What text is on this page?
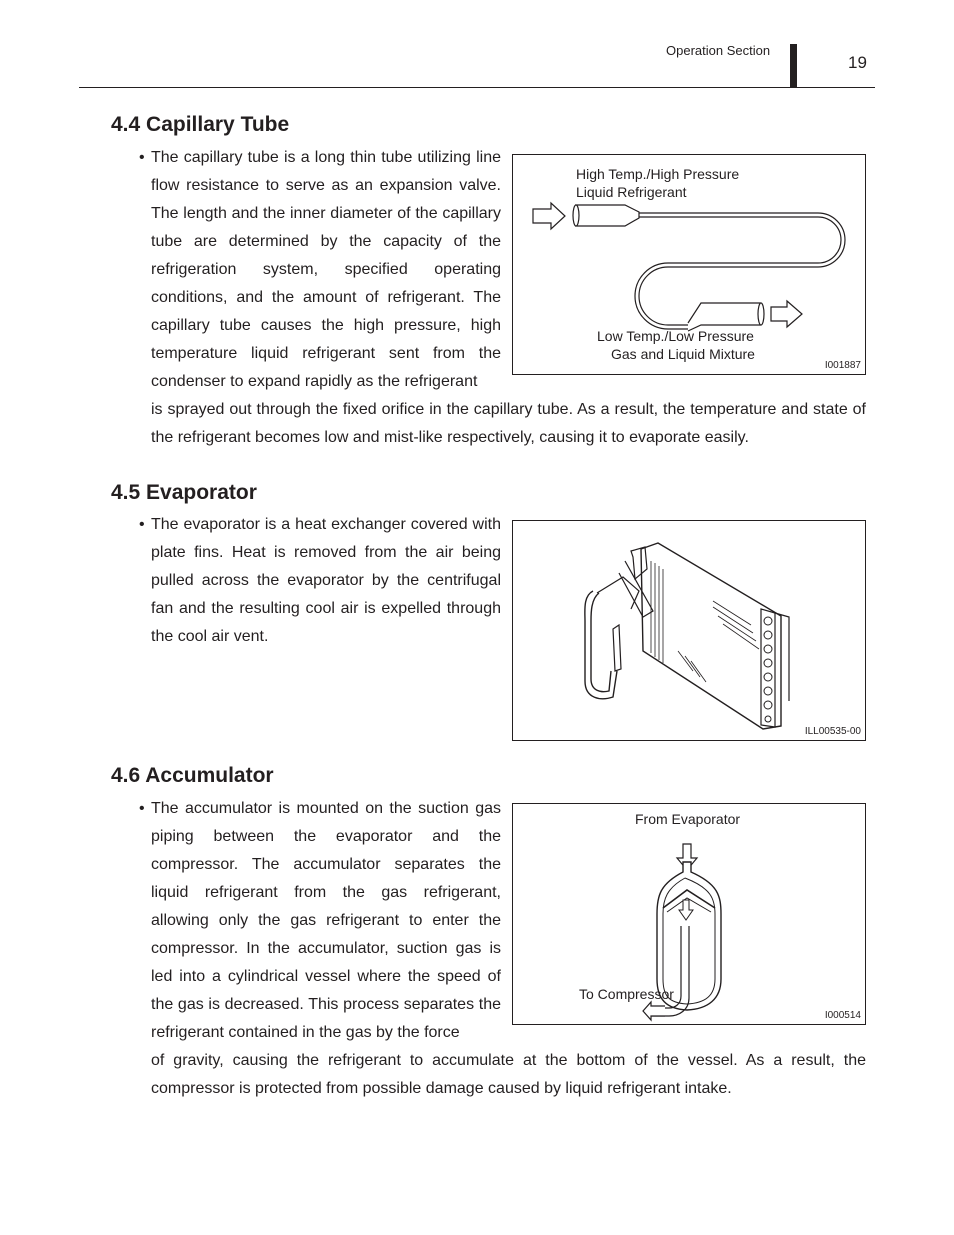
Operation Section
19
4.4 Capillary Tube
• The capillary tube is a long thin tube utilizing line flow resistance to serve as an expansion valve. The length and the inner diameter of the capillary tube are determined by the capacity of the refrigeration system, specified operating conditions, and the amount of refrigerant. The capillary tube causes the high pressure, high temperature liquid refrigerant sent from the condenser to expand rapidly as the refrigerant

is sprayed out through the fixed orifice in the capillary tube. As a result, the temperature and state of the refrigerant becomes low and mist-like respectively, causing it to evaporate easily.

High Temp./High Pressure
Liquid Refrigerant
Low Temp./Low Pressure
Gas and Liquid Mixture
I001887
4.5 Evaporator
• The evaporator is a heat exchanger covered with plate fins. Heat is removed from the air being pulled across the evaporator by the centrifugal fan and the resulting cool air is expelled through the cool air vent.

ILL00535-00
4.6 Accumulator
• The accumulator is mounted on the suction gas piping between the evaporator and the compressor. The accumulator separates the liquid refrigerant from the gas refrigerant, allowing only the gas refrigerant to enter the compressor. In the accumulator, suction gas is led into a cylindrical vessel where the speed of the gas is decreased. This process separates the refrigerant contained in the gas by the force

of gravity, causing the refrigerant to accumulate at the bottom of the vessel. As a result, the compressor is protected from possible damage caused by liquid refrigerant intake.

From Evaporator
To Compressor
I000514
